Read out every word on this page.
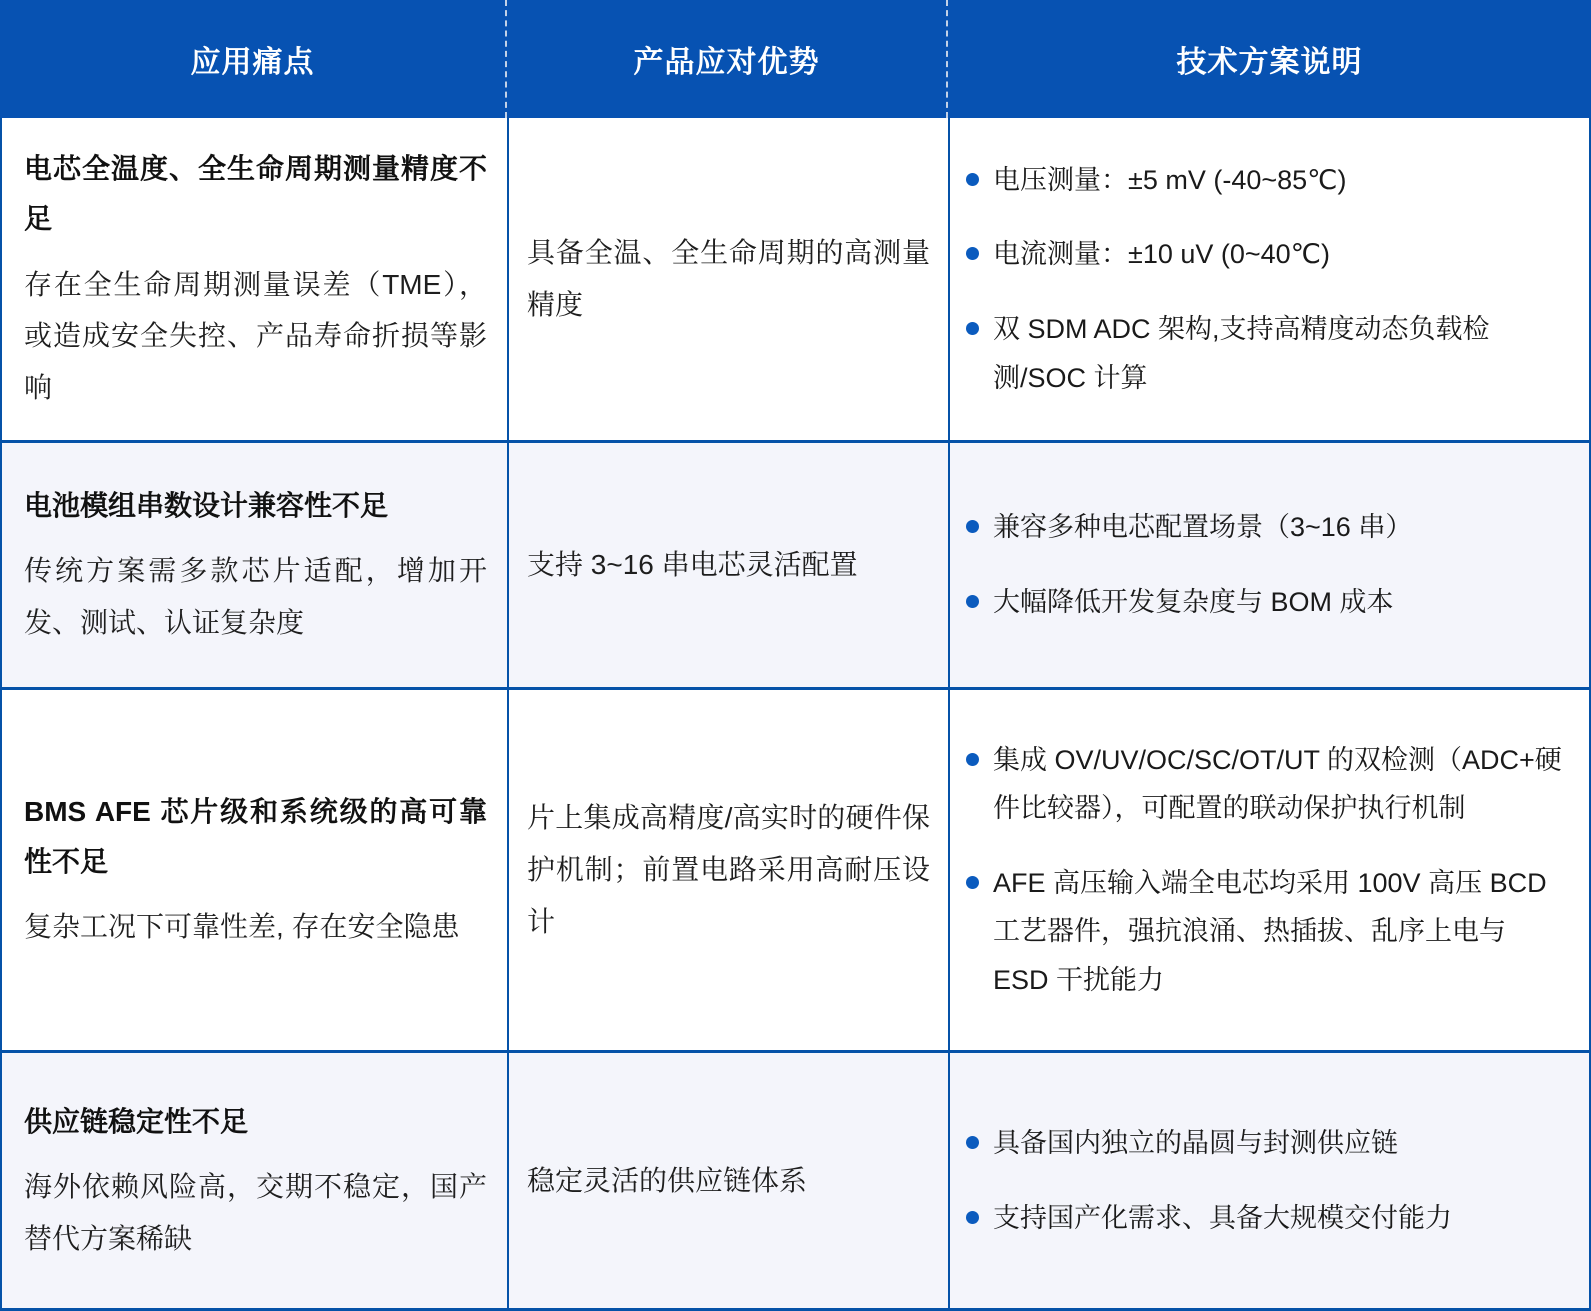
应用痛点	产品应对优势	技术方案说明
电芯全温度、全生命周期测量精度不足
存在全生命周期测量误差（TME），或造成安全失控、产品寿命折损等影响
具备全温、全生命周期的高测量精度
电压测量：±5 mV (-40~85℃)
电流测量：±10 uV (0~40℃)
双 SDM ADC 架构,支持高精度动态负载检测/SOC 计算
电池模组串数设计兼容性不足
传统方案需多款芯片适配，增加开发、测试、认证复杂度
支持 3~16 串电芯灵活配置
兼容多种电芯配置场景（3~16 串）
大幅降低开发复杂度与 BOM 成本
BMS AFE 芯片级和系统级的高可靠性不足
复杂工况下可靠性差, 存在安全隐患
片上集成高精度/高实时的硬件保护机制；前置电路采用高耐压设计
集成 OV/UV/OC/SC/OT/UT 的双检测（ADC+硬件比较器），可配置的联动保护执行机制
AFE 高压输入端全电芯均采用 100V 高压 BCD 工艺器件，强抗浪涌、热插拔、乱序上电与 ESD 干扰能力
供应链稳定性不足
海外依赖风险高，交期不稳定，国产替代方案稀缺
稳定灵活的供应链体系
具备国内独立的晶圆与封测供应链
支持国产化需求、具备大规模交付能力
